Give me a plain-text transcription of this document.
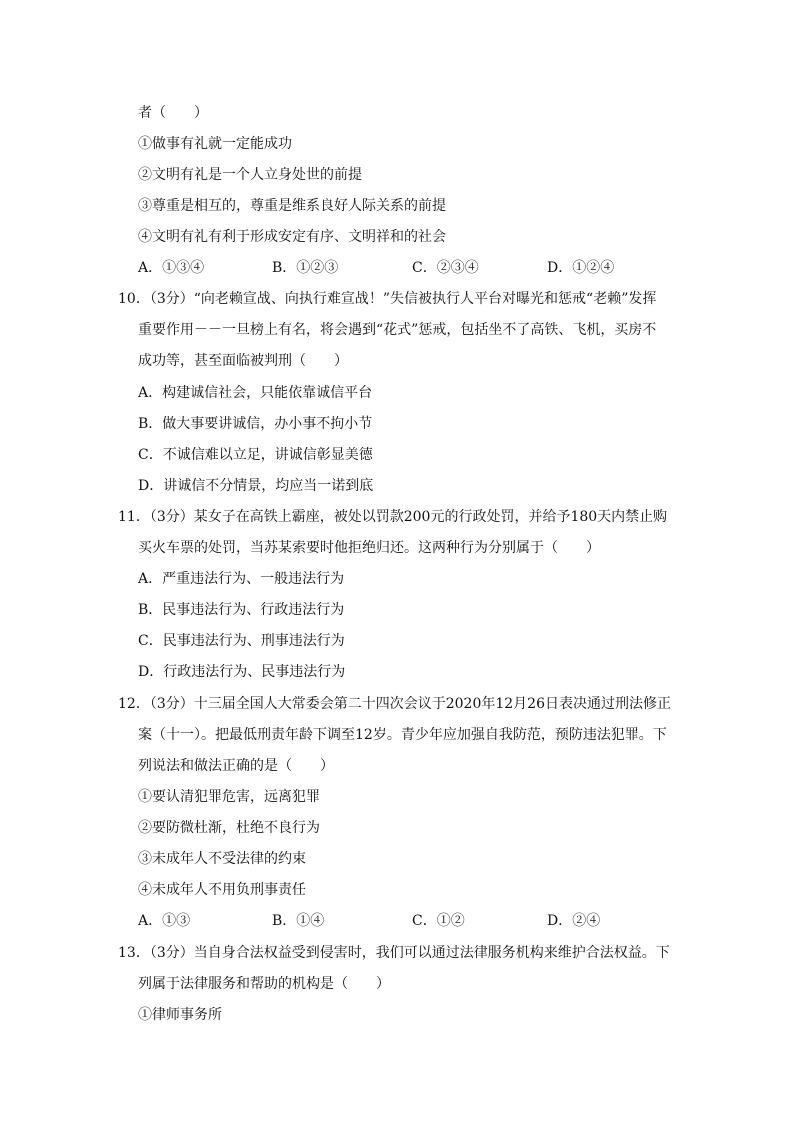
者（　　）
①做事有礼就一定能成功
②文明有礼是一个人立身处世的前提
③尊重是相互的，尊重是维系良好人际关系的前提
④文明有礼有利于形成安定有序、文明祥和的社会
A．①③④	B．①②③	C．②③④	D．①②④
10．（3分）“向老赖宣战、向执行难宣战！”失信被执行人平台对曝光和惩戒“老赖”发挥
重要作用－－一旦榜上有名，将会遇到“花式”惩戒，包括坐不了高铁、飞机，买房不
成功等，甚至面临被判刑（　　）
A．构建诚信社会，只能依靠诚信平台
B．做大事要讲诚信，办小事不拘小节
C．不诚信难以立足，讲诚信彰显美德
D．讲诚信不分情景，均应当一诺到底
11．（3分）某女子在高铁上霸座，被处以罚款200元的行政处罚，并给予180天内禁止购
买火车票的处罚，当苏某索要时他拒绝归还。这两种行为分别属于（　　）
A．严重违法行为、一般违法行为
B．民事违法行为、行政违法行为
C．民事违法行为、刑事违法行为
D．行政违法行为、民事违法行为
12．（3分）十三届全国人大常委会第二十四次会议于2020年12月26日表决通过刑法修正
案（十一）。把最低刑责年龄下调至12岁。青少年应加强自我防范，预防违法犯罪。下
列说法和做法正确的是（　　）
①要认清犯罪危害，远离犯罪
②要防微杜渐，杜绝不良行为
③未成年人不受法律的约束
④未成年人不用负刑事责任
A．①③	B．①④	C．①②	D．②④
13．（3分）当自身合法权益受到侵害时，我们可以通过法律服务机构来维护合法权益。下
列属于法律服务和帮助的机构是（　　）
①律师事务所
